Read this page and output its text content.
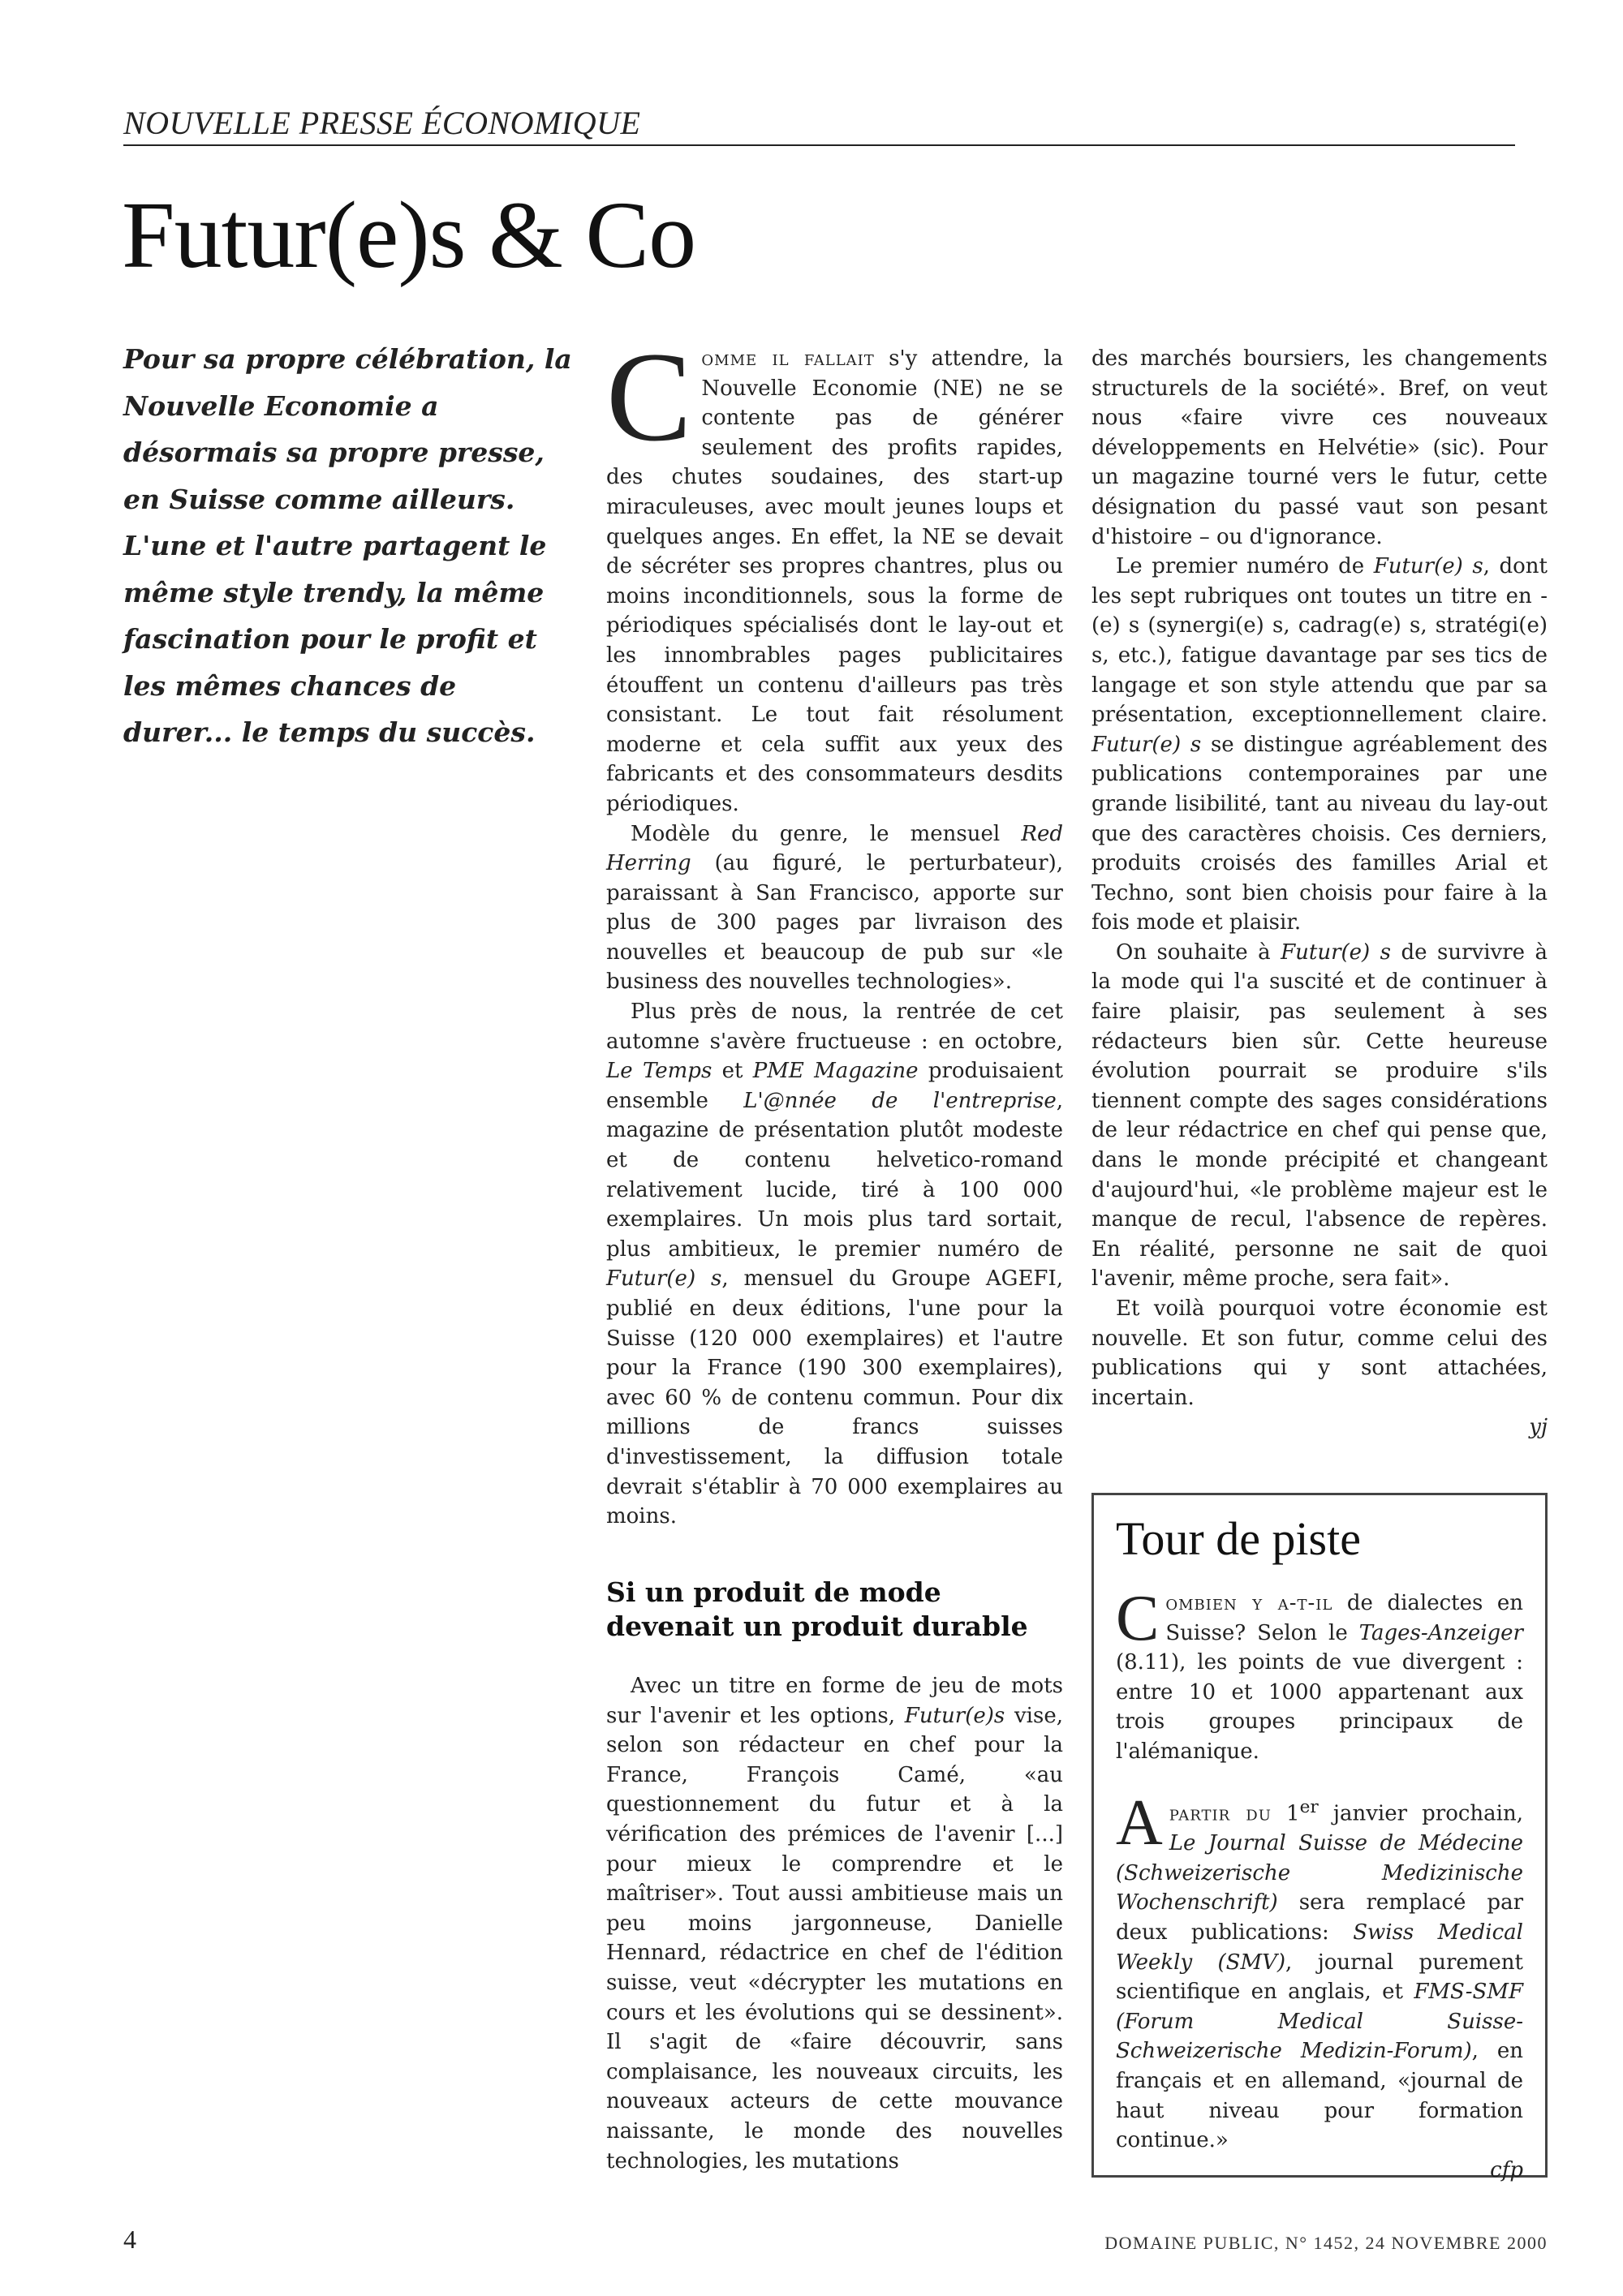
NOUVELLE PRESSE ÉCONOMIQUE
Futur(e)s & Co
Pour sa propre célébration, la Nouvelle Economie a désormais sa propre presse, en Suisse comme ailleurs. L'une et l'autre partagent le même style trendy, la même fascination pour le profit et les mêmes chances de durer... le temps du succès.

Comme il fallait s'y attendre, la Nouvelle Economie (NE) ne se contente pas de générer seulement des profits rapides, des chutes soudaines, des start-up miraculeuses, avec moult jeunes loups et quelques anges. En effet, la NE se devait de sécréter ses propres chantres, plus ou moins inconditionnels, sous la forme de périodiques spécialisés dont le lay-out et les innombrables pages publicitaires étouffent un contenu d'ailleurs pas très consistant. Le tout fait résolument moderne et cela suffit aux yeux des fabricants et des consommateurs desdits périodiques.

Modèle du genre, le mensuel Red Herring (au figuré, le perturbateur), paraissant à San Francisco, apporte sur plus de 300 pages par livraison des nouvelles et beaucoup de pub sur «le business des nouvelles technologies».

Plus près de nous, la rentrée de cet automne s'avère fructueuse : en octobre, Le Temps et PME Magazine produisaient ensemble L'@nnée de l'entreprise, magazine de présentation plutôt modeste et de contenu helvetico-romand relativement lucide, tiré à 100 000 exemplaires. Un mois plus tard sortait, plus ambitieux, le premier numéro de Futur(e) s, mensuel du Groupe AGEFI, publié en deux éditions, l'une pour la Suisse (120 000 exemplaires) et l'autre pour la France (190 300 exemplaires), avec 60 % de contenu commun. Pour dix millions de francs suisses d'investissement, la diffusion totale devrait s'établir à 70 000 exemplaires au moins.

Si un produit de mode devenait un produit durable

Avec un titre en forme de jeu de mots sur l'avenir et les options, Futur(e)s vise, selon son rédacteur en chef pour la France, François Camé, «au questionnement du futur et à la vérification des prémices de l'avenir [...] pour mieux le comprendre et le maîtriser». Tout aussi ambitieuse mais un peu moins jargonneuse, Danielle Hennard, rédactrice en chef de l'édition suisse, veut «décrypter les mutations en cours et les évolutions qui se dessinent». Il s'agit de «faire découvrir, sans complaisance, les nouveaux circuits, les nouveaux acteurs de cette mouvance naissante, le monde des nouvelles technologies, les mutations

des marchés boursiers, les changements structurels de la société». Bref, on veut nous «faire vivre ces nouveaux développements en Helvétie» (sic). Pour un magazine tourné vers le futur, cette désignation du passé vaut son pesant d'histoire – ou d'ignorance.

Le premier numéro de Futur(e) s, dont les sept rubriques ont toutes un titre en -(e) s (synergi(e) s, cadrag(e) s, stratégi(e) s, etc.), fatigue davantage par ses tics de langage et son style attendu que par sa présentation, exceptionnellement claire. Futur(e) s se distingue agréablement des publications contemporaines par une grande lisibilité, tant au niveau du lay-out que des caractères choisis. Ces derniers, produits croisés des familles Arial et Techno, sont bien choisis pour faire à la fois mode et plaisir.

On souhaite à Futur(e) s de survivre à la mode qui l'a suscité et de continuer à faire plaisir, pas seulement à ses rédacteurs bien sûr. Cette heureuse évolution pourrait se produire s'ils tiennent compte des sages considérations de leur rédactrice en chef qui pense que, dans le monde précipité et changeant d'aujourd'hui, «le problème majeur est le manque de recul, l'absence de repères. En réalité, personne ne sait de quoi l'avenir, même proche, sera fait».

Et voilà pourquoi votre économie est nouvelle. Et son futur, comme celui des publications qui y sont attachées, incertain.

yj
Tour de piste

Combien y a-t-il de dialectes en Suisse? Selon le Tages-Anzeiger (8.11), les points de vue divergent : entre 10 et 1000 appartenant aux trois groupes principaux de l'alémanique.

Apartir du 1er janvier prochain, Le Journal Suisse de Médecine (Schweizerische Medizinische Wochenschrift) sera remplacé par deux publications: Swiss Medical Weekly (SMV), journal purement scientifique en anglais, et FMS-SMF (Forum Medical Suisse-Schweizerische Medizin-Forum), en français et en allemand, «journal de haut niveau pour formation continue.»

cfp
4	DOMAINE PUBLIC, N° 1452, 24 NOVEMBRE 2000
